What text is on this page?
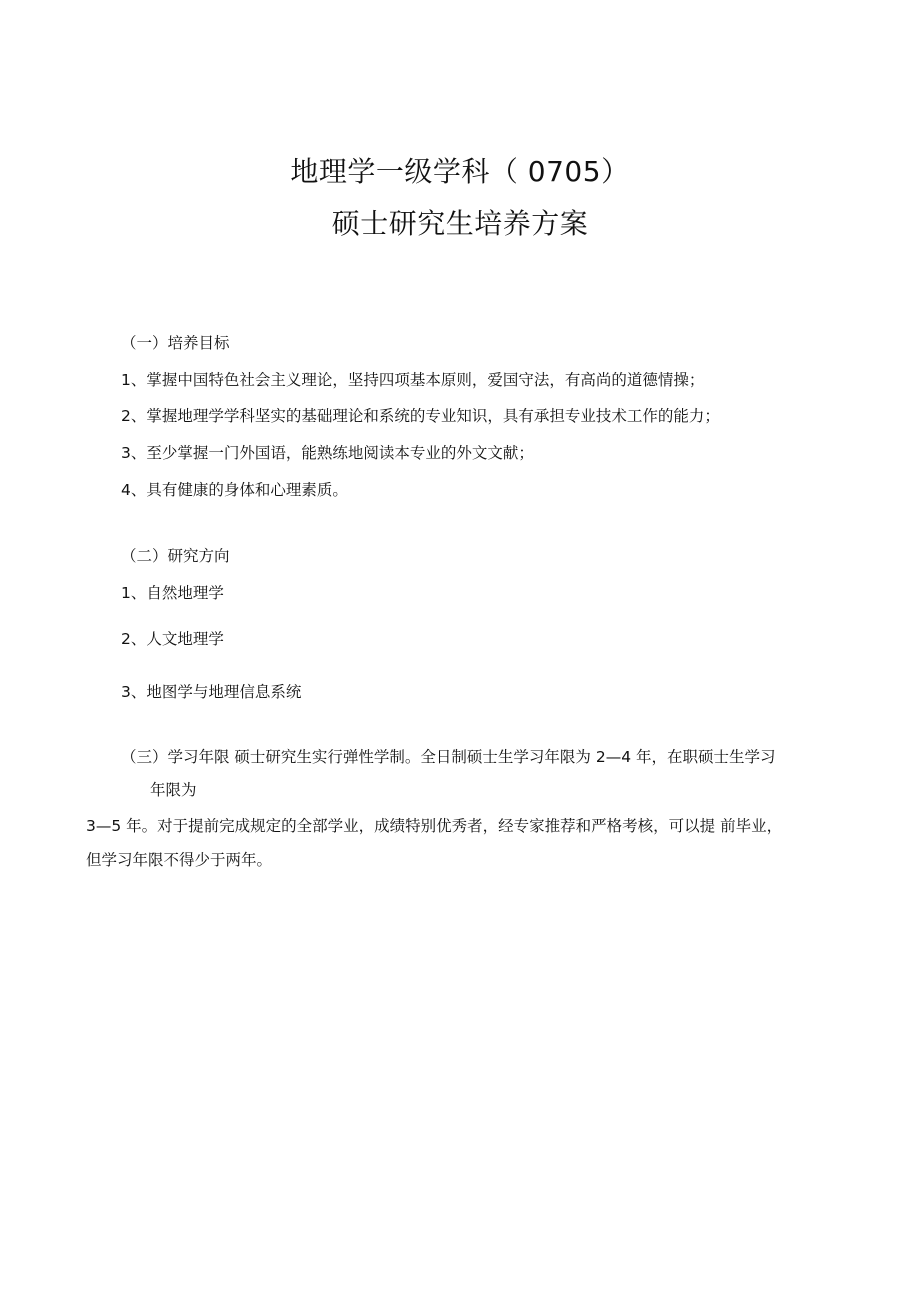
地理学一级学科（ 0705）
硕士研究生培养方案
（一）培养目标
1、掌握中国特色社会主义理论，坚持四项基本原则，爱国守法，有高尚的道德情操；
2、掌握地理学学科坚实的基础理论和系统的专业知识，具有承担专业技术工作的能力；
3、至少掌握一门外国语，能熟练地阅读本专业的外文文献；
4、具有健康的身体和心理素质。
（二）研究方向
1、自然地理学
2、人文地理学
3、地图学与地理信息系统
（三）学习年限 硕士研究生实行弹性学制。全日制硕士生学习年限为 2—4 年，在职硕士生学习
年限为
3—5 年。对于提前完成规定的全部学业，成绩特别优秀者，经专家推荐和严格考核，可以提 前毕业，
但学习年限不得少于两年。
